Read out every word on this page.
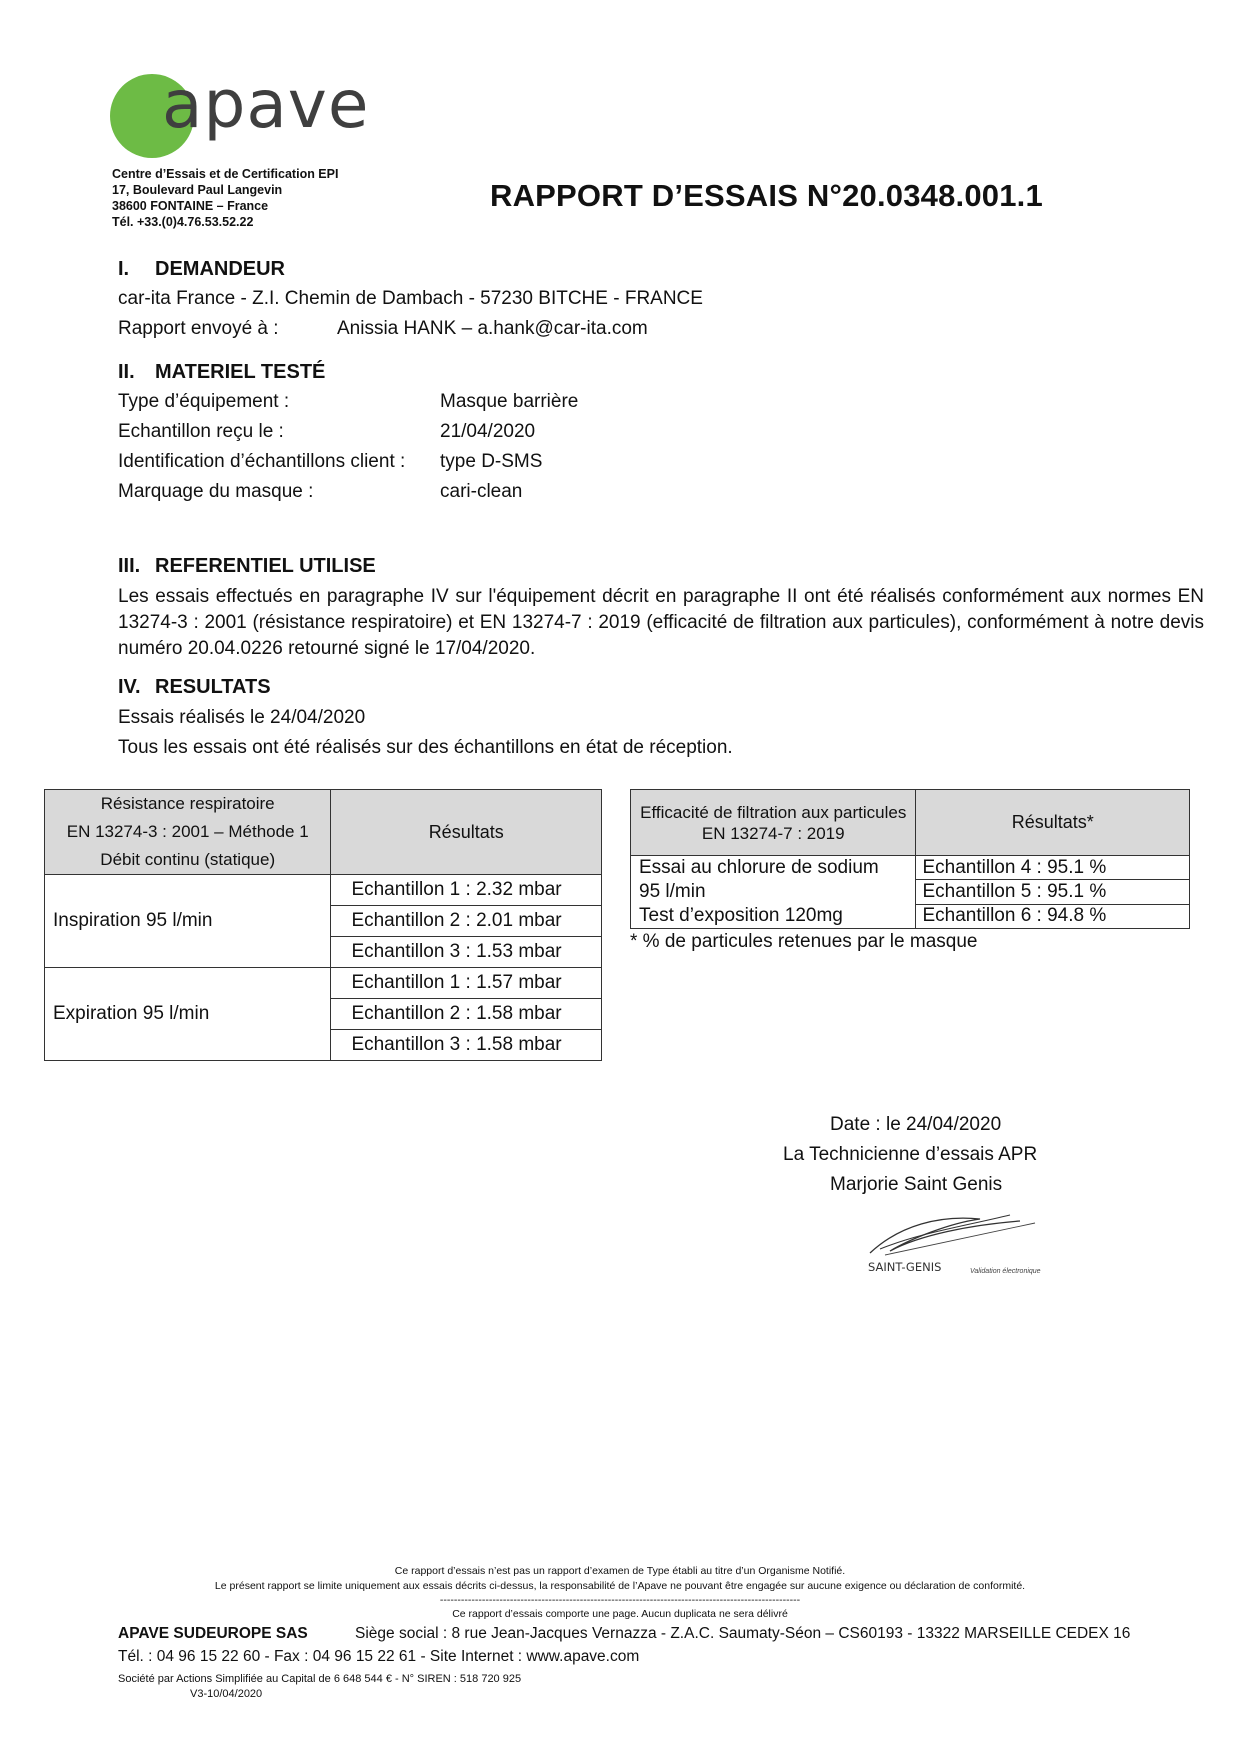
apave
Centre d’Essais et de Certification EPI
17, Boulevard Paul Langevin
38600 FONTAINE – France
Tél. +33.(0)4.76.53.52.22
RAPPORT D’ESSAIS N°20.0348.001.1
I. DEMANDEUR
car-ita France - Z.I. Chemin de Dambach - 57230 BITCHE - FRANCE
Rapport envoyé à :	Anissia HANK – a.hank@car-ita.com
II. MATERIEL TESTÉ
Type d’équipement :	Masque barrière
Echantillon reçu le :	21/04/2020
Identification d’échantillons client : type D-SMS
Marquage du masque :	cari-clean
III. REFERENTIEL UTILISE
Les essais effectués en paragraphe IV sur l'équipement décrit en paragraphe II ont été réalisés conformément aux normes EN 13274-3 : 2001 (résistance respiratoire) et EN 13274-7 : 2019 (efficacité de filtration aux particules), conformément à notre devis numéro 20.04.0226 retourné signé le 17/04/2020.
IV. RESULTATS
Essais réalisés le 24/04/2020
Tous les essais ont été réalisés sur des échantillons en état de réception.
Résistance respiratoire
EN 13274-3 : 2001 – Méthode 1
Débit continu (statique)	Résultats
Inspiration 95 l/min	Echantillon 1 : 2.32 mbar
	Echantillon 2 : 2.01 mbar
	Echantillon 3 : 1.53 mbar
Expiration 95 l/min	Echantillon 1 : 1.57 mbar
	Echantillon 2 : 1.58 mbar
	Echantillon 3 : 1.58 mbar
Efficacité de filtration aux particules
EN 13274-7 : 2019	Résultats*

Essai au chlorure de sodium
95 l/min
Test d’exposition 120mg	Echantillon 4 : 95.1 %
	Echantillon 5 : 95.1 %
	Echantillon 6 : 94.8 %
* % de particules retenues par le masque
Date : le 24/04/2020
La Technicienne d’essais APR
Marjorie Saint Genis
SAINT-GENIS	Validation électronique
Ce rapport d’essais n’est pas un rapport d’examen de Type établi au titre d’un Organisme Notifié.
Le présent rapport se limite uniquement aux essais décrits ci-dessus, la responsabilité de l’Apave ne pouvant être engagée sur aucune exigence ou déclaration de conformité.
-------------------------------------------------------------------------------------------------------
Ce rapport d’essais comporte une page. Aucun duplicata ne sera délivré
APAVE SUDEUROPE SAS	Siège social : 8 rue Jean-Jacques Vernazza - Z.A.C. Saumaty-Séon – CS60193 - 13322 MARSEILLE CEDEX 16
Tél. : 04 96 15 22 60 - Fax : 04 96 15 22 61 - Site Internet : www.apave.com
Société par Actions Simplifiée au Capital de 6 648 544 € - N° SIREN : 518 720 925
V3-10/04/2020
